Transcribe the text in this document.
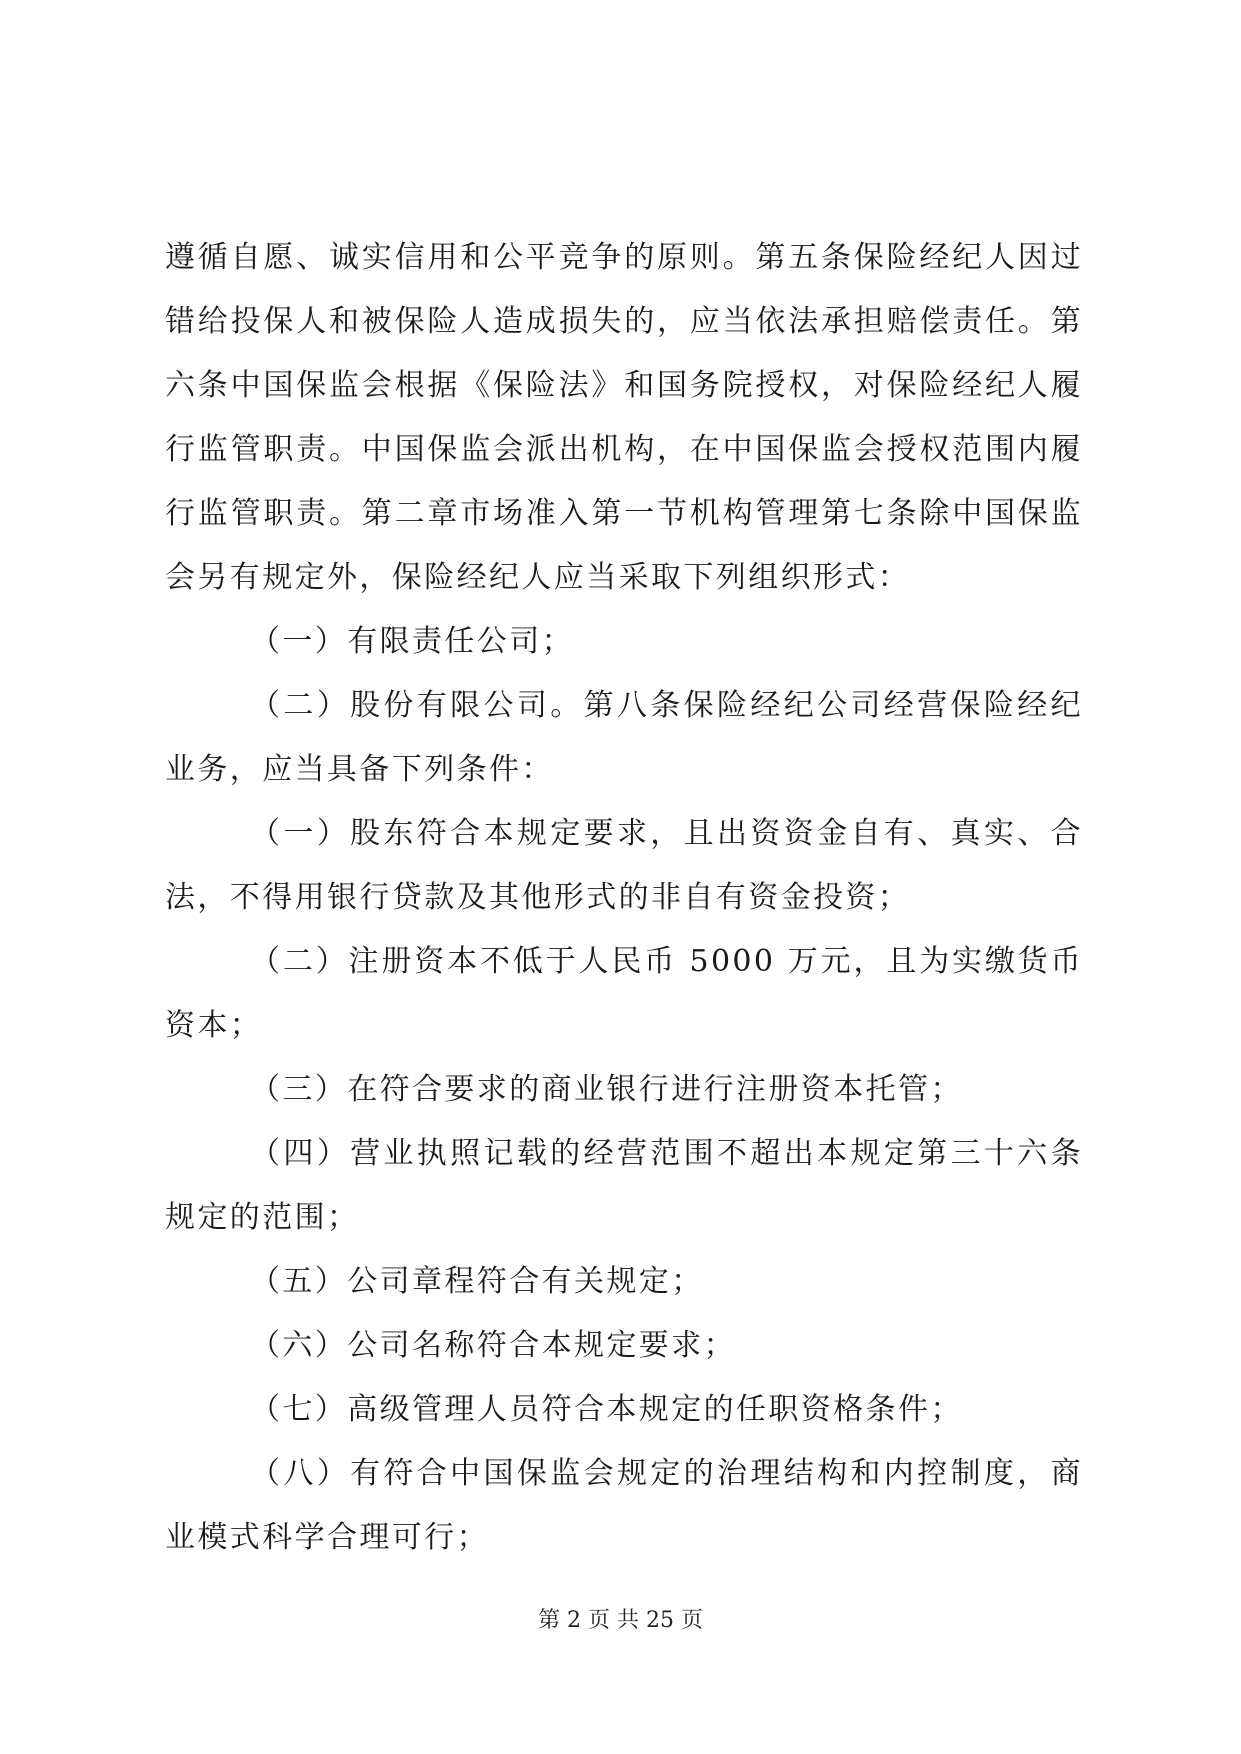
遵循自愿、诚实信用和公平竞争的原则。第五条保险经纪人因过错给投保人和被保险人造成损失的，应当依法承担赔偿责任。第六条中国保监会根据《保险法》和国务院授权，对保险经纪人履行监管职责。中国保监会派出机构，在中国保监会授权范围内履行监管职责。第二章市场准入第一节机构管理第七条除中国保监会另有规定外，保险经纪人应当采取下列组织形式：

（一）有限责任公司；

（二）股份有限公司。第八条保险经纪公司经营保险经纪业务，应当具备下列条件：

（一）股东符合本规定要求，且出资资金自有、真实、合法，不得用银行贷款及其他形式的非自有资金投资；

（二）注册资本不低于人民币 5000 万元，且为实缴货币资本；

（三）在符合要求的商业银行进行注册资本托管；

（四）营业执照记载的经营范围不超出本规定第三十六条规定的范围；

（五）公司章程符合有关规定；

（六）公司名称符合本规定要求；

（七）高级管理人员符合本规定的任职资格条件；

（八）有符合中国保监会规定的治理结构和内控制度，商业模式科学合理可行；

第 2 页 共 25 页
